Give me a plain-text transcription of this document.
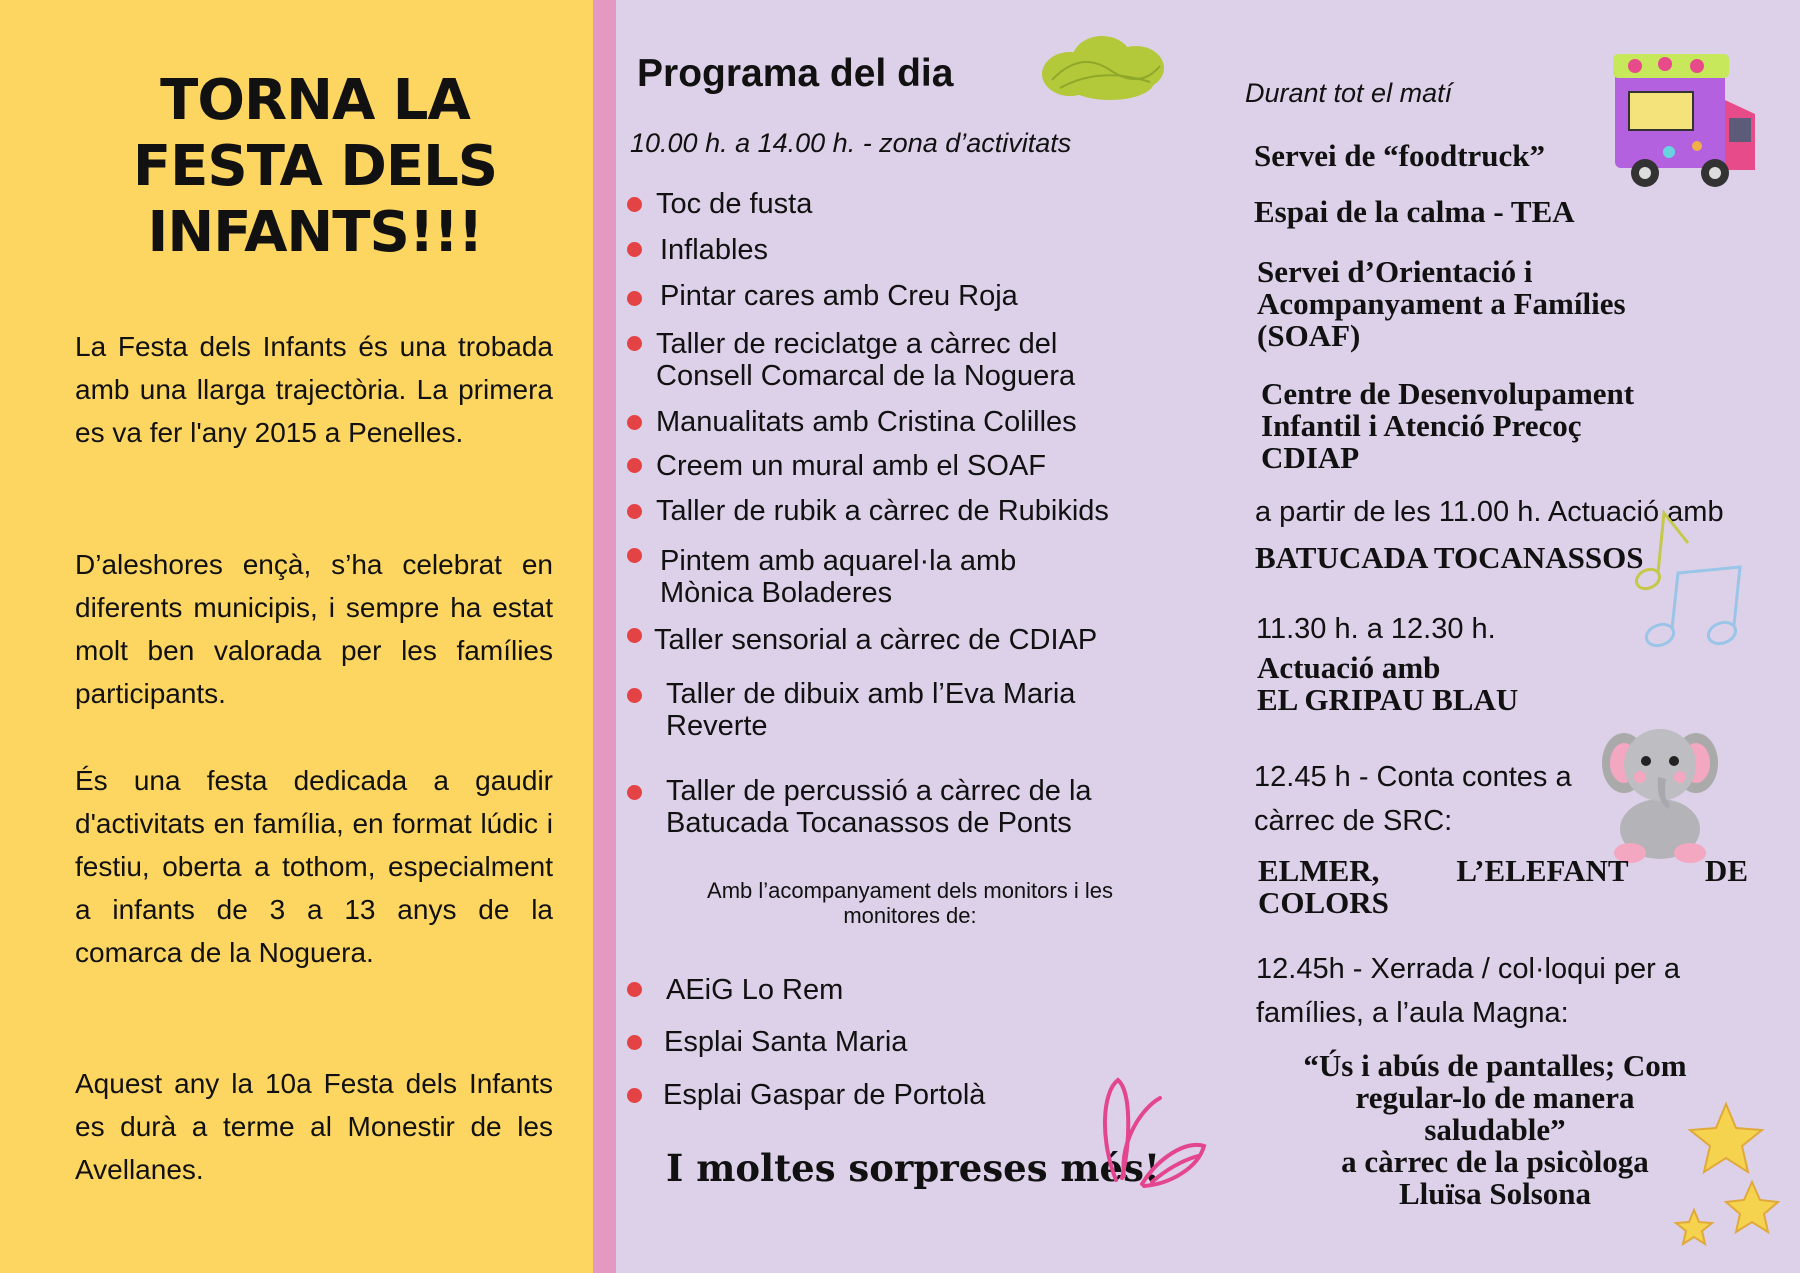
TORNA LA FESTA DELS INFANTS!!!

La Festa dels Infants és una trobada amb una llarga trajectòria. La primera es va fer l'any 2015 a Penelles.

D’aleshores ençà, s’ha celebrat en diferents municipis, i sempre ha estat molt ben valorada per les famílies participants.

És una festa dedicada a gaudir d'activitats en família, en format lúdic i festiu, oberta a tothom, especialment a infants de 3 a 13 anys de la comarca de la Noguera.

Aquest any la 10a Festa dels Infants es durà a terme al Monestir de les Avellanes.

Programa del dia
10.00 h. a 14.00 h. - zona d’activitats
Toc de fusta
Inflables
Pintar cares amb Creu Roja
Taller de reciclatge a càrrec del
Consell Comarcal de la Noguera
Manualitats amb Cristina Colilles
Creem un mural amb el SOAF
Taller de rubik a càrrec de Rubikids
Pintem amb aquarel·la amb
Mònica Boladeres
Taller sensorial a càrrec de CDIAP
Taller de dibuix amb l’Eva Maria
Reverte
Taller de percussió a càrrec de la
Batucada Tocanassos de Ponts
Amb l’acompanyament dels monitors i les monitores de:
AEiG Lo Rem
Esplai Santa Maria
Esplai Gaspar de Portolà
I moltes sorpreses més!
Durant tot el matí
Servei de “foodtruck”
Espai de la calma - TEA
Servei d’Orientació i
Acompanyament a Famílies
(SOAF)
Centre de Desenvolupament
Infantil i Atenció Precoç
CDIAP
a partir de les 11.00 h. Actuació amb
BATUCADA TOCANASSOS
11.30 h. a 12.30 h.
Actuació amb
EL GRIPAU BLAU
12.45 h - Conta contes a
càrrec de SRC:
ELMER, L’ELEFANT DE COLORS
12.45h - Xerrada / col·loqui per a
famílies, a l’aula Magna:
“Ús i abús de pantalles; Com
regular-lo de manera
saludable”
a càrrec de la psicòloga
Lluïsa Solsona
